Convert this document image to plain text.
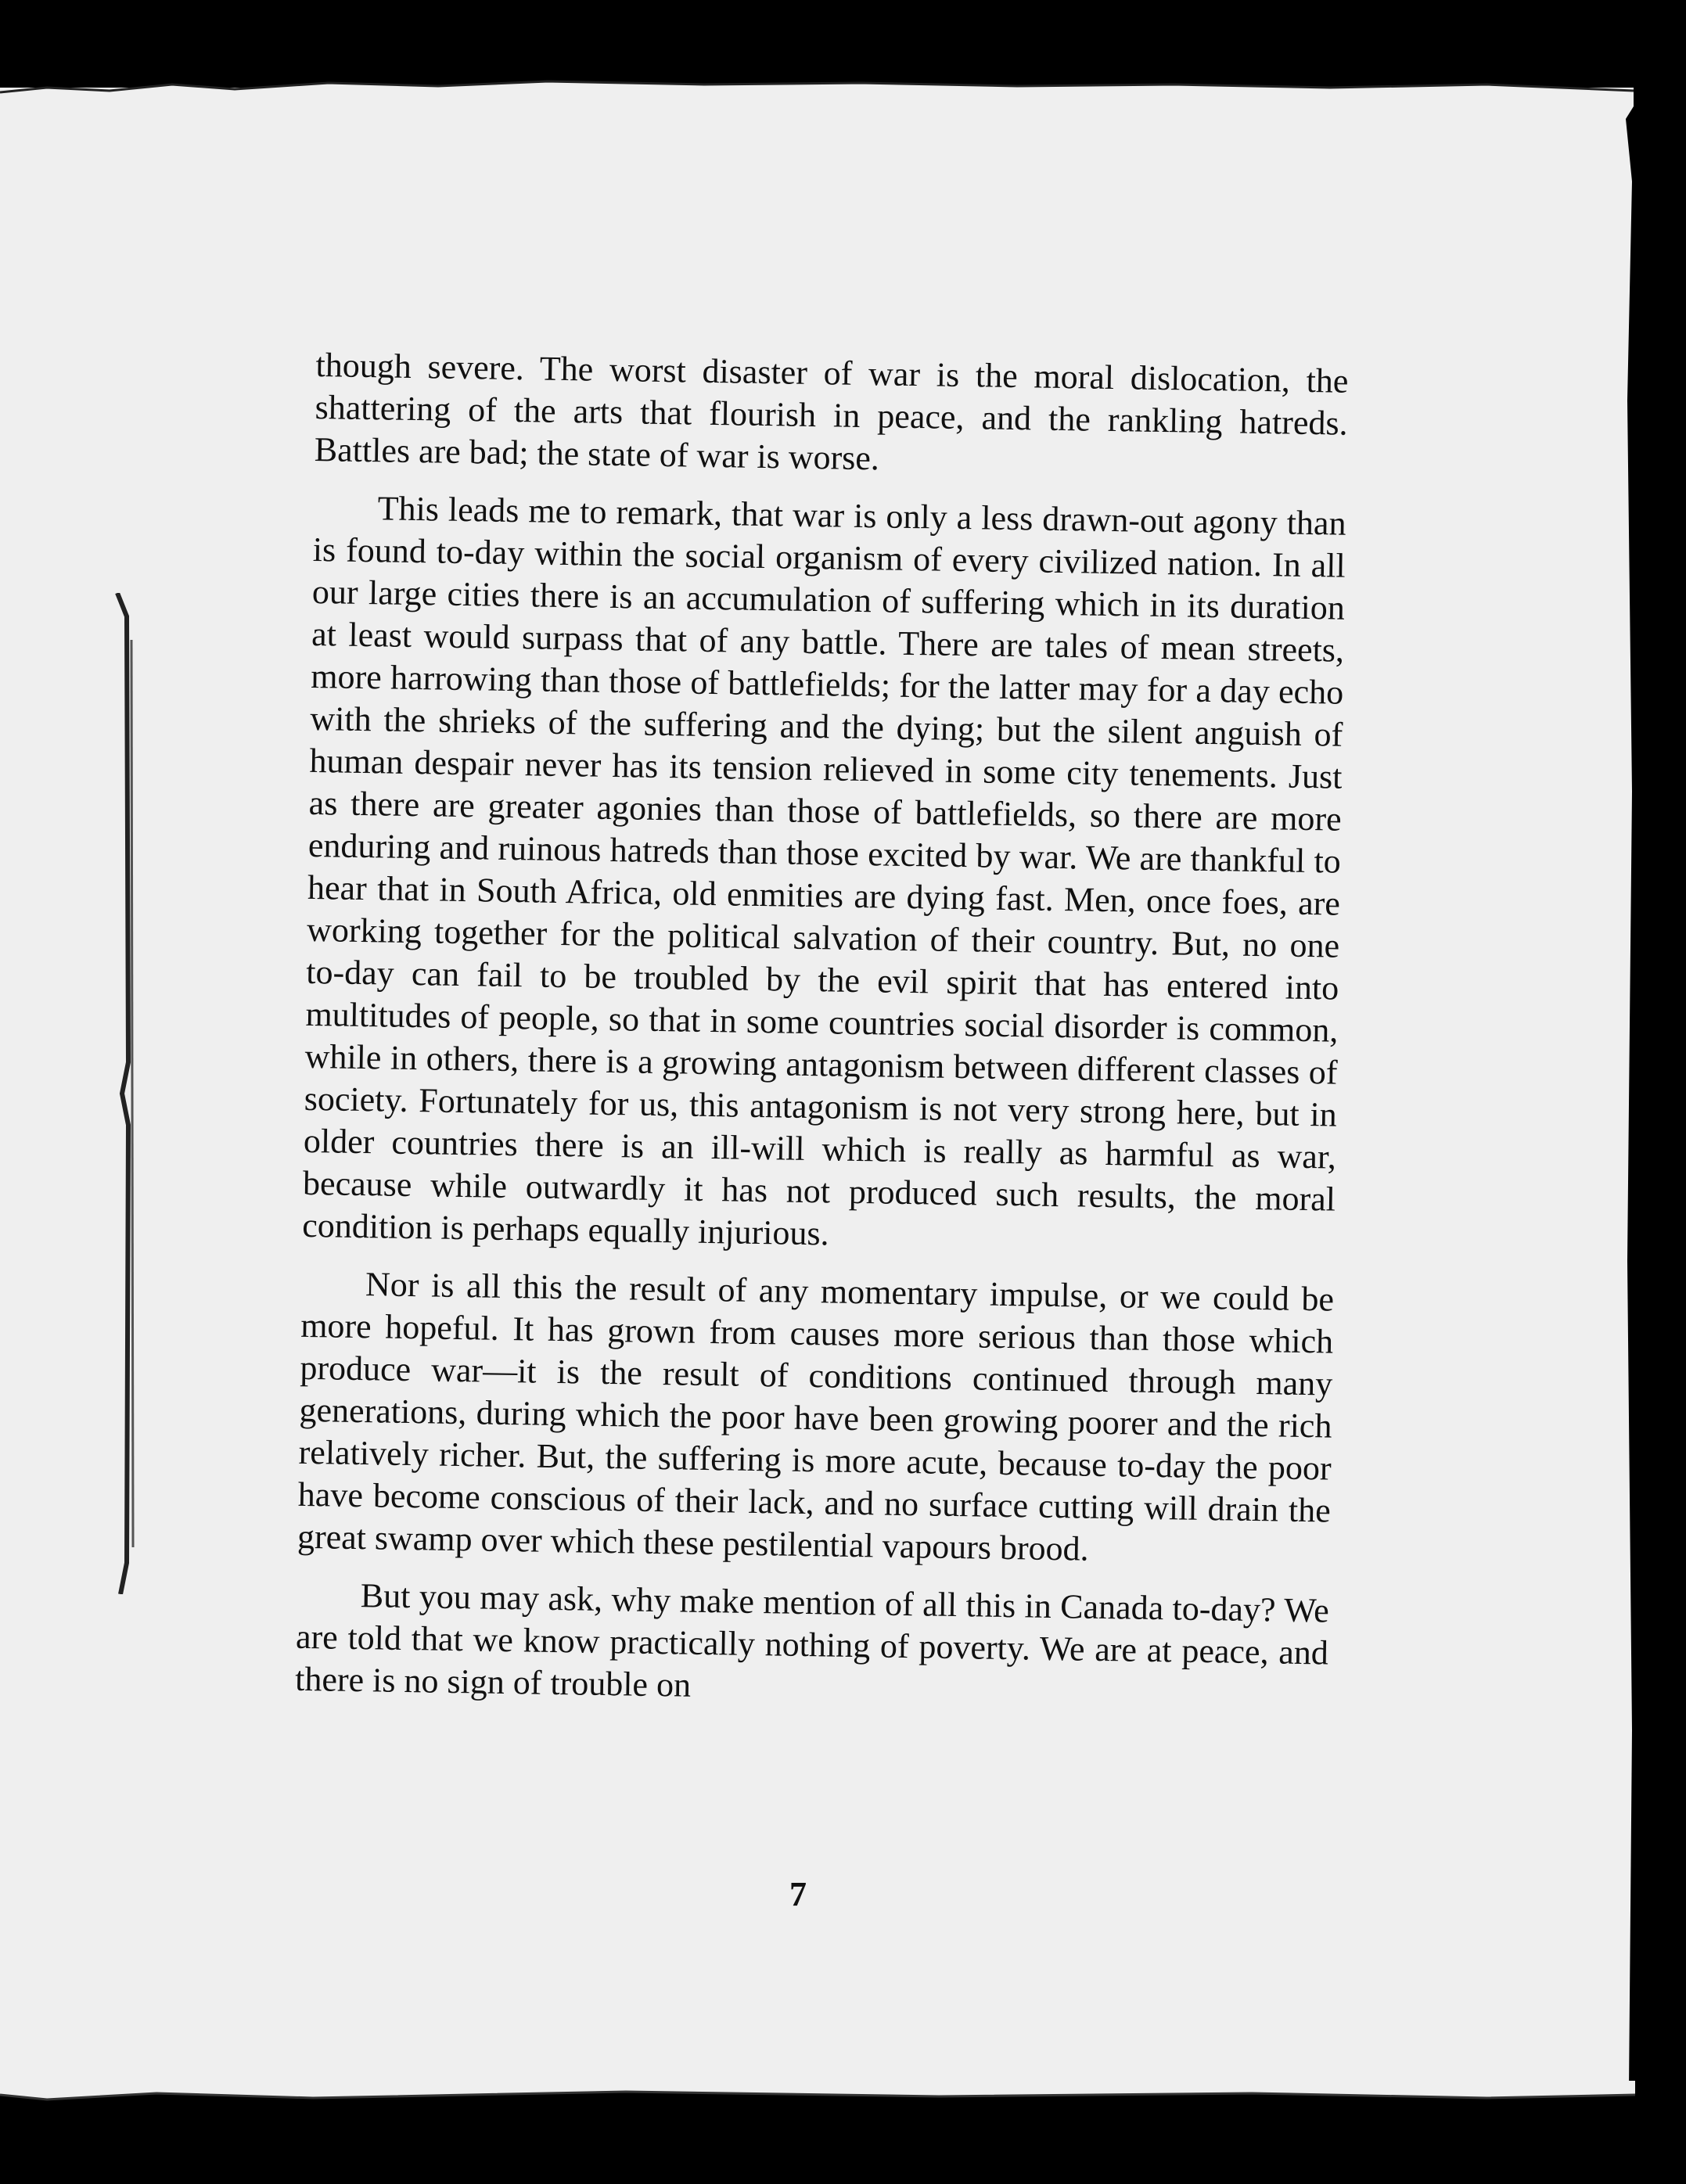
though severe. The worst disaster of war is the moral dislocation, the shattering of the arts that flourish in peace, and the rankling hatreds. Battles are bad; the state of war is worse.

This leads me to remark, that war is only a less drawn-out agony than is found to-day within the social organism of every civilized nation. In all our large cities there is an accumulation of suffering which in its duration at least would surpass that of any battle. There are tales of mean streets, more harrowing than those of battlefields; for the latter may for a day echo with the shrieks of the suffering and the dying; but the silent anguish of human despair never has its tension relieved in some city tenements. Just as there are greater agonies than those of battlefields, so there are more enduring and ruinous hatreds than those excited by war. We are thankful to hear that in South Africa, old enmities are dying fast. Men, once foes, are working together for the political salvation of their country. But, no one to-day can fail to be troubled by the evil spirit that has entered into multitudes of people, so that in some countries social disorder is common, while in others, there is a growing antagonism between different classes of society. Fortunately for us, this antagonism is not very strong here, but in older countries there is an ill-will which is really as harmful as war, because while outwardly it has not produced such results, the moral condition is perhaps equally injurious.

Nor is all this the result of any momentary impulse, or we could be more hopeful. It has grown from causes more serious than those which produce war—it is the result of conditions continued through many generations, during which the poor have been growing poorer and the rich relatively richer. But, the suffering is more acute, because to-day the poor have become conscious of their lack, and no surface cutting will drain the great swamp over which these pestilential vapours brood.

But you may ask, why make mention of all this in Canada to-day? We are told that we know practically nothing of poverty. We are at peace, and there is no sign of trouble on

7
